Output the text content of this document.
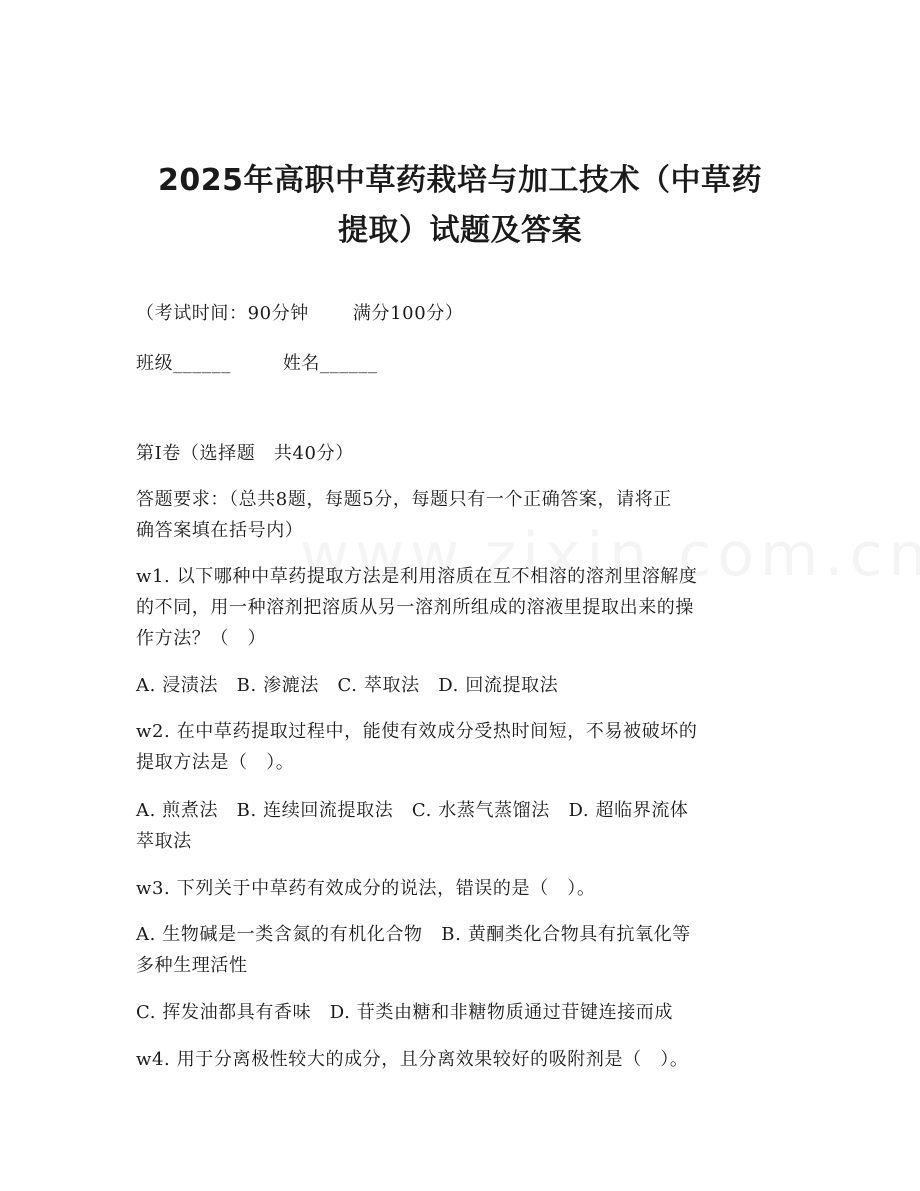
2025年高职中草药栽培与加工技术（中草药
提取）试题及答案
（考试时间：90分钟 满分100分）
班级______	姓名______
第Ⅰ卷（选择题　共40分）
答题要求：（总共8题，每题5分，每题只有一个正确答案，请将正
确答案填在括号内）
w1. 以下哪种中草药提取方法是利用溶质在互不相溶的溶剂里溶解度
的不同，用一种溶剂把溶质从另一溶剂所组成的溶液里提取出来的操
作方法？（　）
A. 浸渍法　B. 渗漉法　C. 萃取法　D. 回流提取法
w2. 在中草药提取过程中，能使有效成分受热时间短，不易被破坏的
提取方法是（　）。
A. 煎煮法　B. 连续回流提取法　C. 水蒸气蒸馏法　D. 超临界流体
萃取法
w3. 下列关于中草药有效成分的说法，错误的是（　）。
A. 生物碱是一类含氮的有机化合物　B. 黄酮类化合物具有抗氧化等
多种生理活性
C. 挥发油都具有香味　D. 苷类由糖和非糖物质通过苷键连接而成
w4. 用于分离极性较大的成分，且分离效果较好的吸附剂是（　）。
